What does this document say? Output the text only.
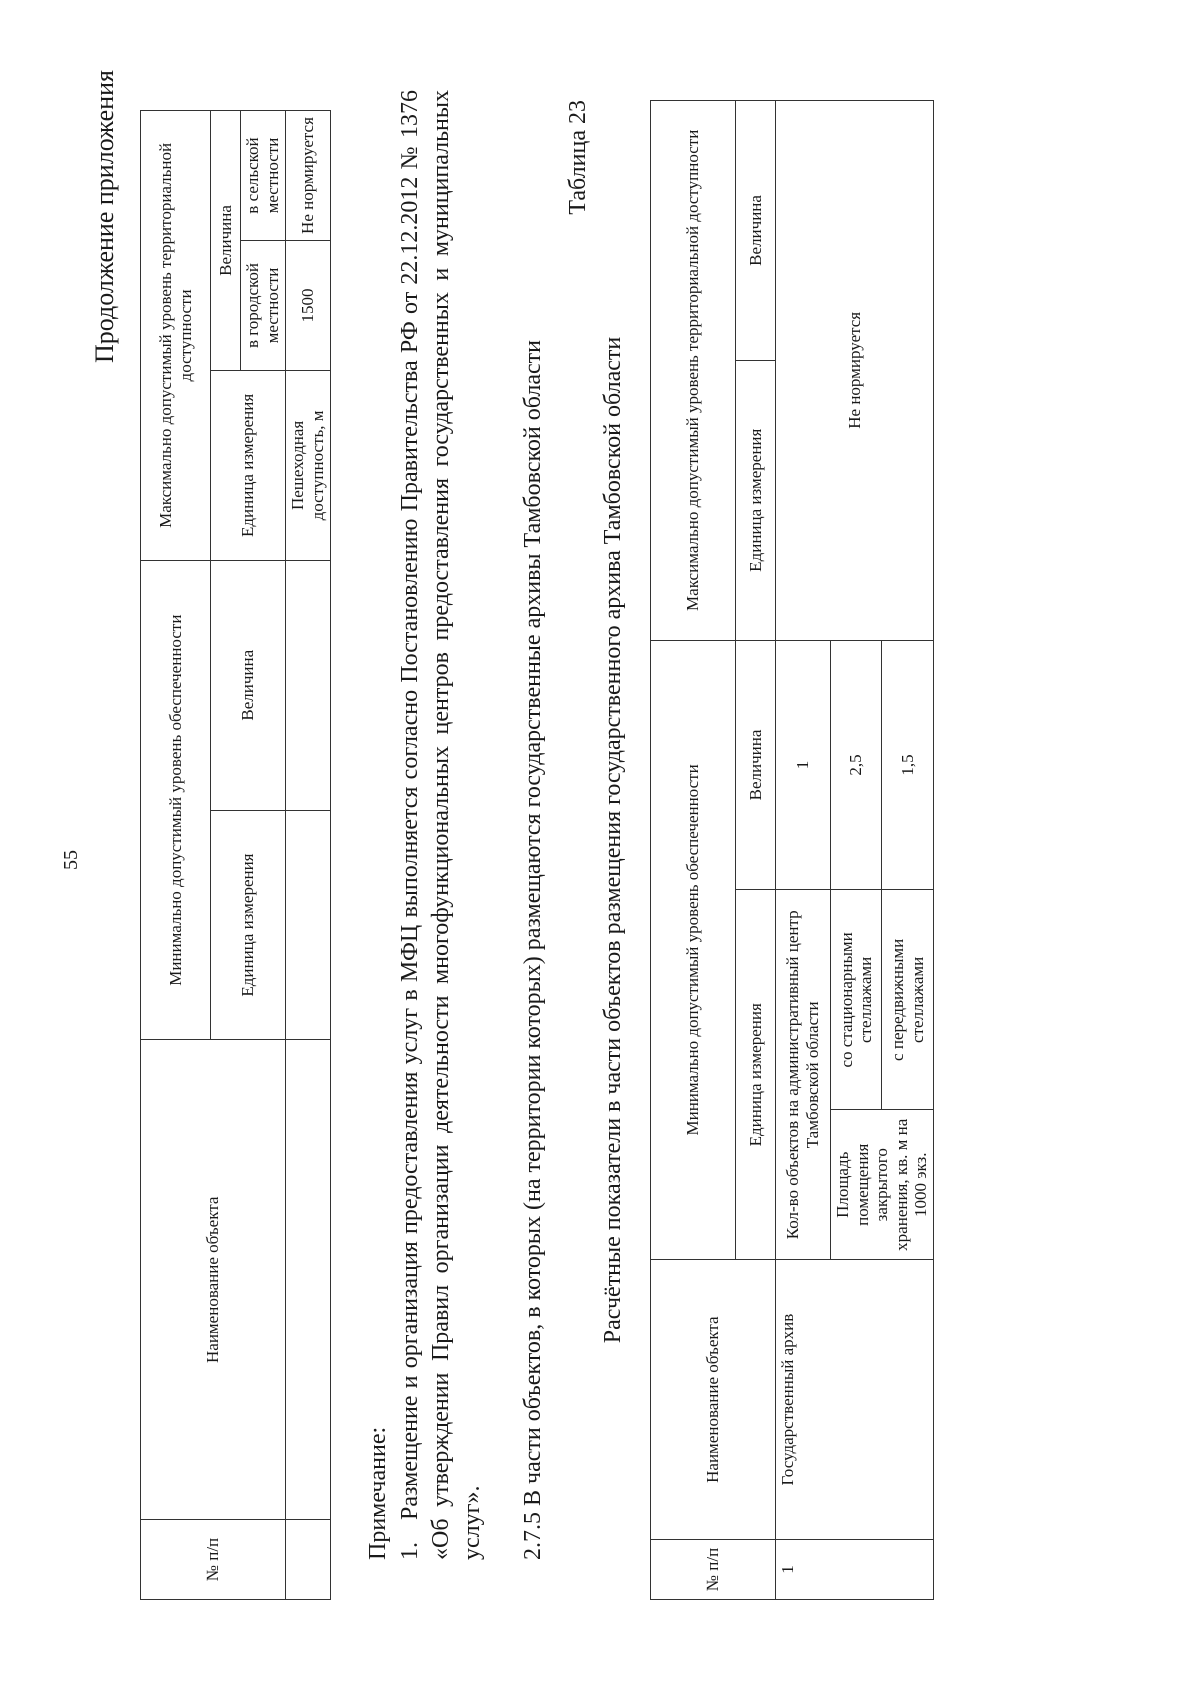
55
Продолжение приложения
№ п/п	Наименование объекта	Минимально допустимый уровень обеспеченности		Максимально допустимый уровень территориальной доступности		
		Единица измерения	Величина	Единица измерения	Величина	
					в городской местности	в сельской местности
				Пешеходная доступность, м	1500	Не нормируется
Примечание: 1.Размещение и организация предоставления услуг в МФЦ выполняется согласно Постановлению Правительства РФ от 22.12.2012 № 1376 «Об утверждении Правил организации деятельности многофункциональных центров предоставления государственных и муниципальных услуг». 2.7.5 В части объектов, в которых (на территории которых) размещаются государственные архивы Тамбовской области
Таблица 23
Расчётные показатели в части объектов размещения государственного архива Тамбовской области
№ п/п	Наименование объекта	Минимально допустимый уровень обеспеченности			Максимально допустимый уровень территориальной доступности	
		Единица измерения		Величина	Единица измерения	Величина
1	Государственный архив	Кол-во объектов на административный центр Тамбовской области		1	Не нормируется	
		Площадь помещения закрытого хранения, кв. м на 1000 экз.	со стационарными стеллажами	2,5		
			с передвижными стеллажами	1,5		
